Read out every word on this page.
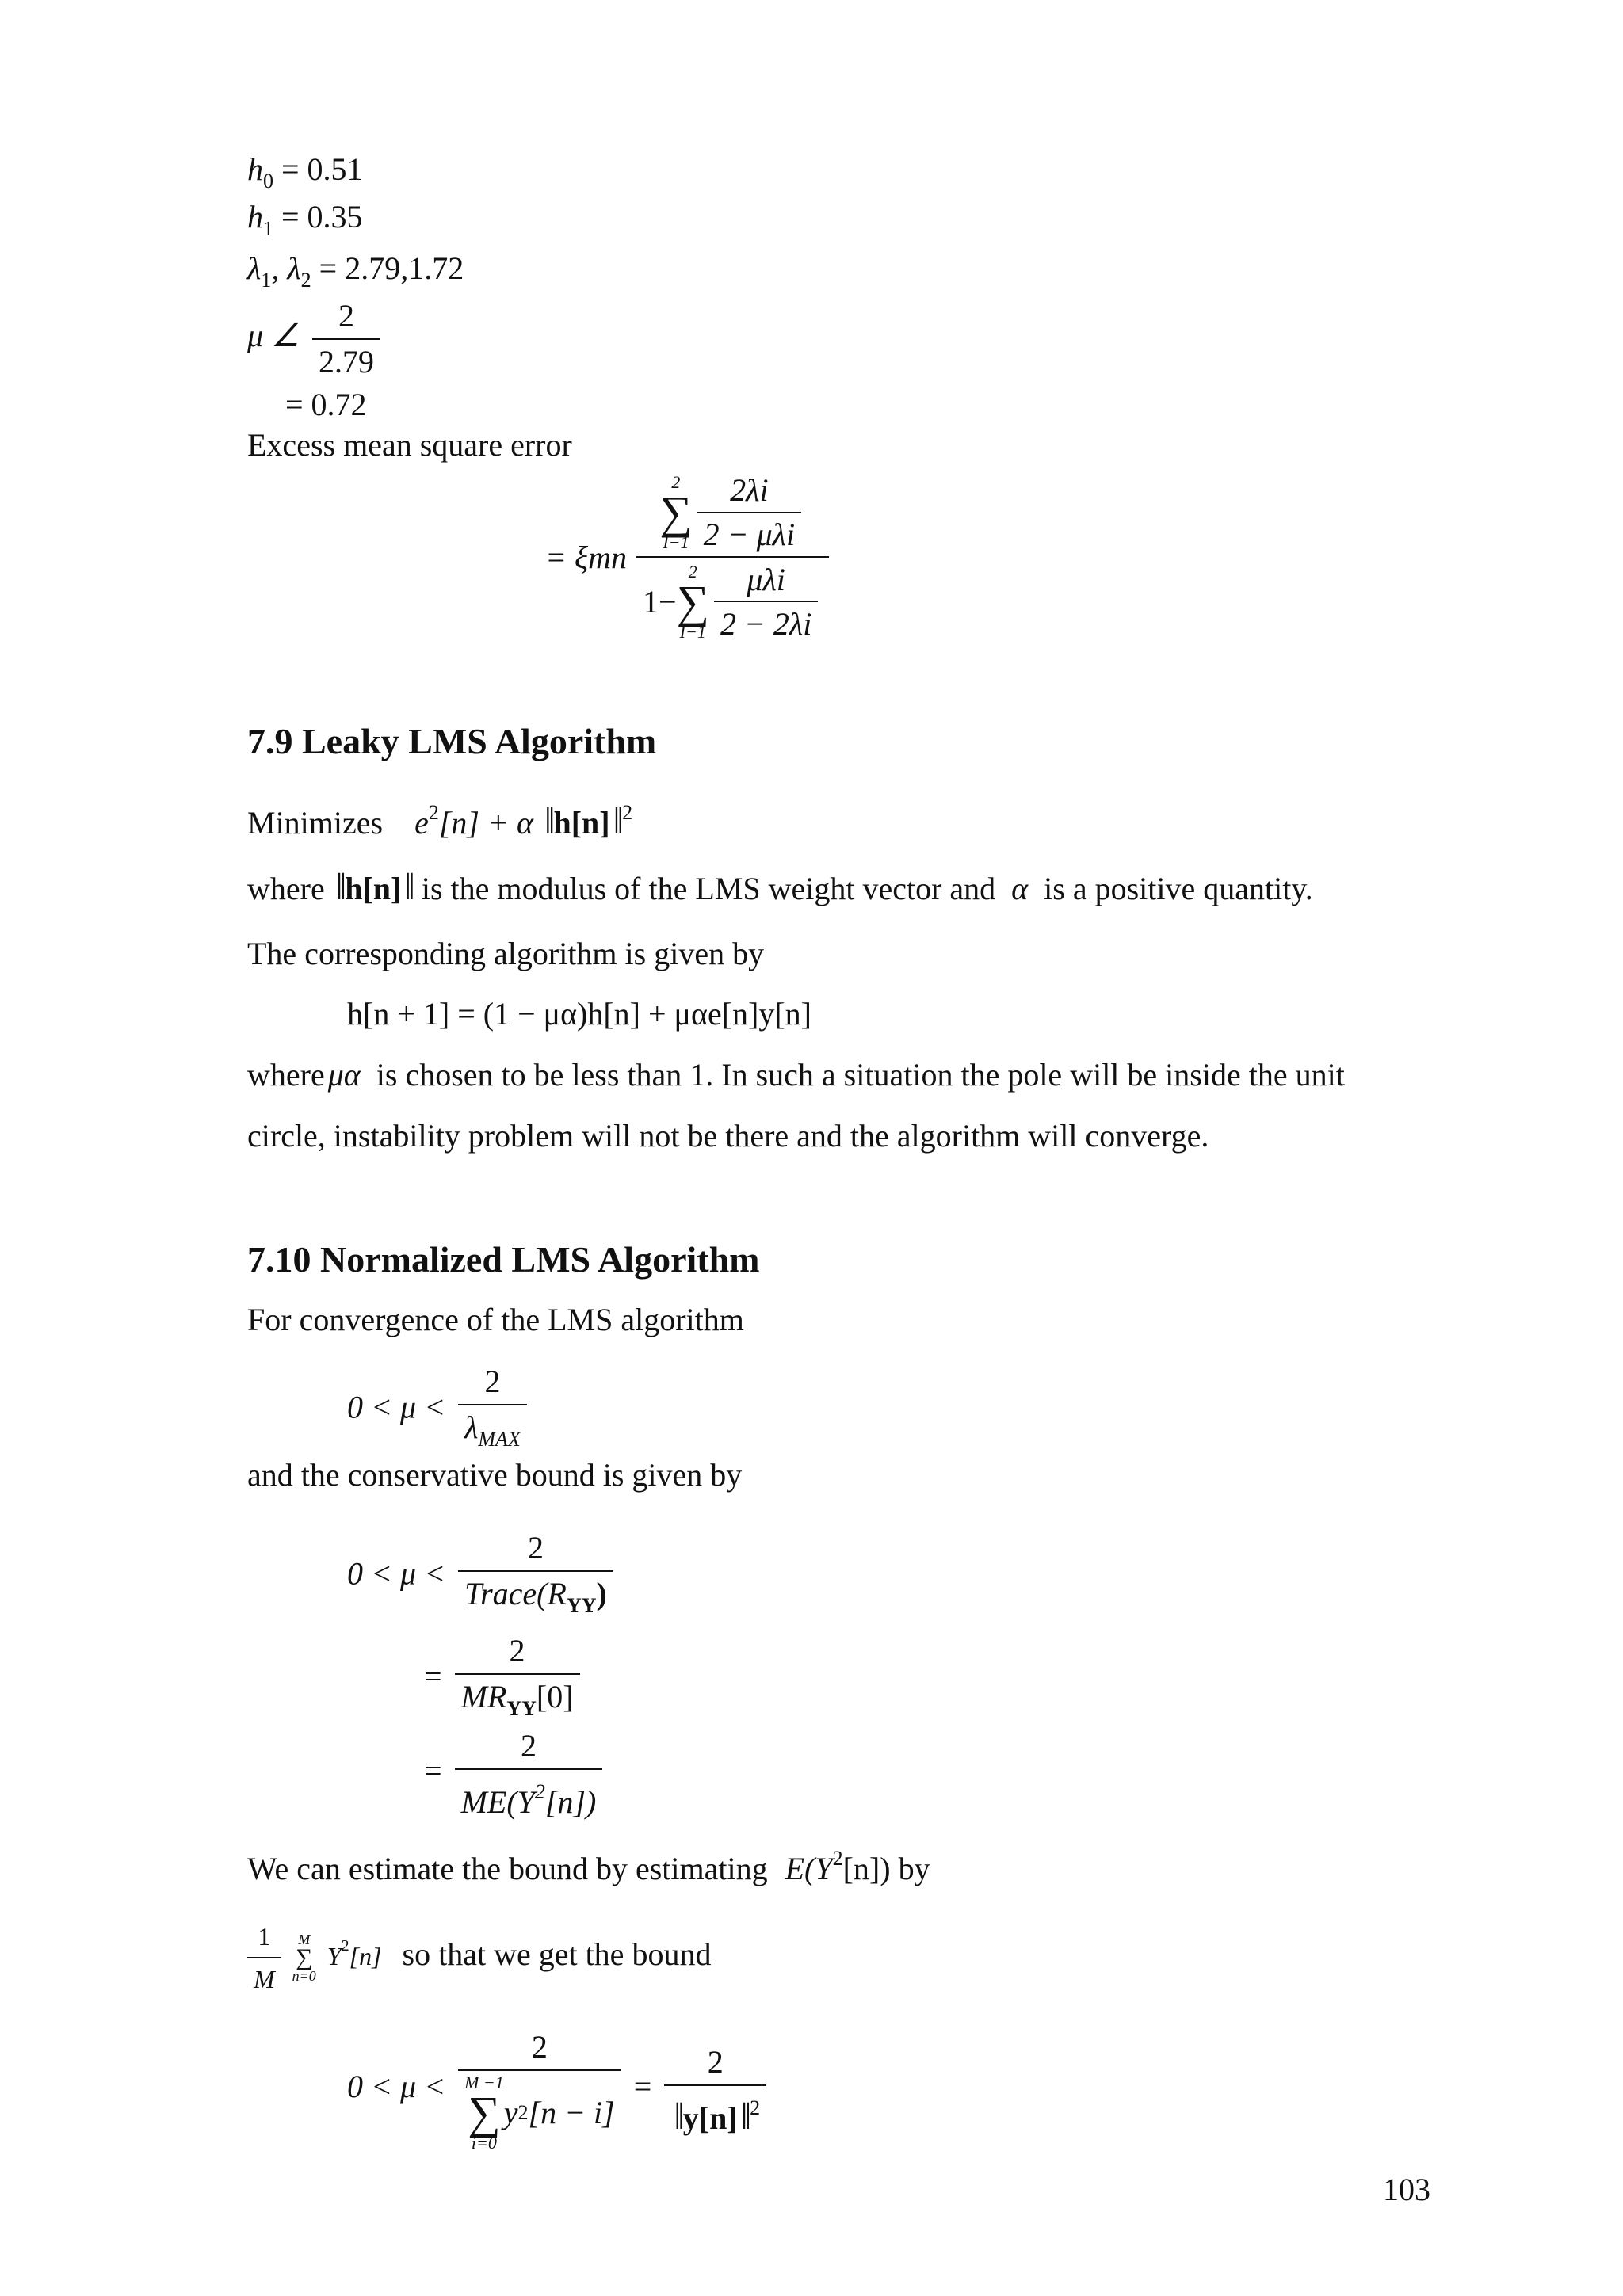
$h_0 = 0.51$
$h_1 = 0.35$
$\lambda_1$, $\lambda_2 = 2.79,1.72$
μ ∠ $\frac{2}{2.79}$
= 0.72
Excess mean square error
= ξmn
2
∑
$I-1 \frac{2\lambda i}{\text{2 − μλi}}$
1−
2
∑
$I-1 \frac{\text{μλi}}{2 - 2\lambda i}$
7.9 Leaky LMS Algorithm
Minimizes $e^2[n] + \alpha$ ‖ h[n]‖ $^2$
where ‖ h[n]‖ is the modulus of the LMS weight vector and α is a positive quantity.
The corresponding algorithm is given by
h[n + 1] = (1 − μα)h[n] + μαe[n]y[n]
where μα is chosen to be less than 1. In such a situation the pole will be inside the unit
circle, instability problem will not be there and the algorithm will converge.
7.10 Normalized LMS Algorithm
For convergence of the LMS algorithm
$0 < \mu < \frac{2}{\lambda_{MAX}}$
and the conservative bound is given by
$0 < \mu < \frac{2}{Trace(R_{YY})}$
= $\frac{2}{MR_{YY}[0]}$
= $\frac{2}{ME(Y^2[n])}$
We can estimate the bound by estimating $E(Y^2[n])$ by
$\frac{1}{M}$
M
∑
n=0
$Y^2[n]$ so that we get the bound
0 < μ < 2
M −1
∑
i=0
y 2 $[n - i] = \frac{2}{‖ y[n]‖ ^2}$
103
